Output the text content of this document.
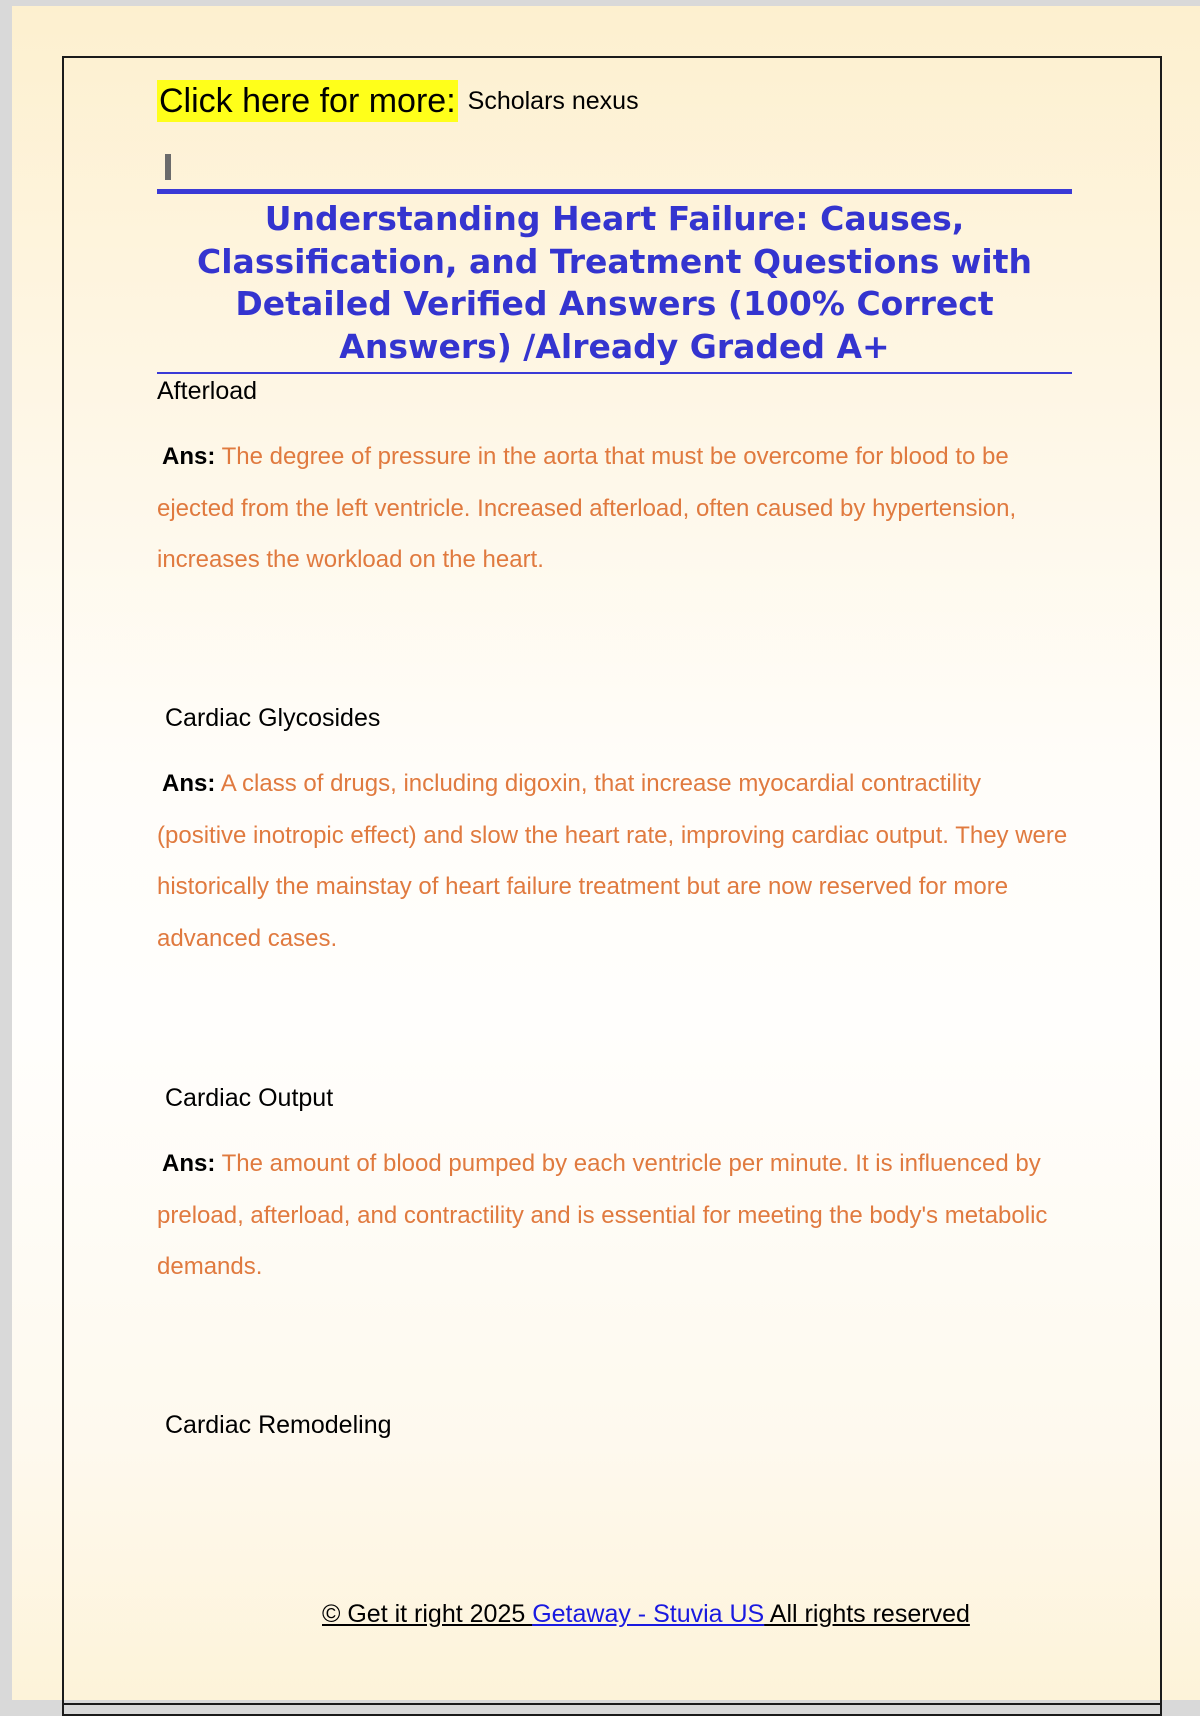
Click here for more: Scholars nexus
Understanding Heart Failure: Causes, Classification, and Treatment Questions with Detailed Verified Answers (100% Correct Answers) /Already Graded A+
Afterload
Ans: The degree of pressure in the aorta that must be overcome for blood to be ejected from the left ventricle. Increased afterload, often caused by hypertension, increases the workload on the heart.
Cardiac Glycosides
Ans: A class of drugs, including digoxin, that increase myocardial contractility (positive inotropic effect) and slow the heart rate, improving cardiac output. They were historically the mainstay of heart failure treatment but are now reserved for more advanced cases.
Cardiac Output
Ans: The amount of blood pumped by each ventricle per minute. It is influenced by preload, afterload, and contractility and is essential for meeting the body's metabolic demands.
Cardiac Remodeling
© Get it right 2025 Getaway - Stuvia US All rights reserved
